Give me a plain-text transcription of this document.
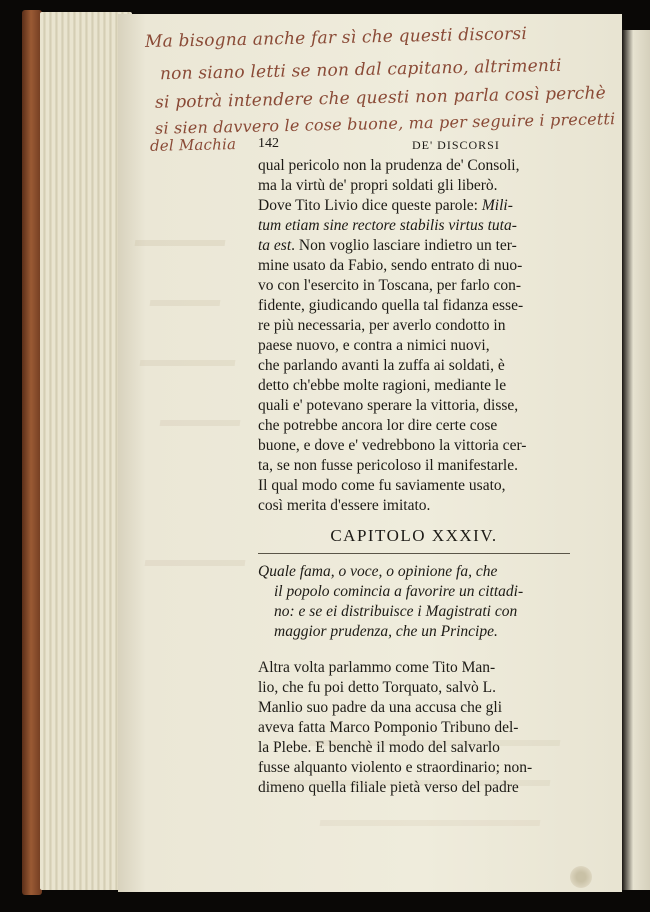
Ma bisogna anche far sì che questi discorsi
non siano letti se non dal capitano, altrimenti
si potrà intendere che questi non parla così perchè
si sien davvero le cose buone, ma per seguire i precetti
del Machia 142	DE' DISCORSI
qual pericolo non la prudenza de' Consoli,
ma la virtù de' propri soldati gli liberò.
Dove Tito Livio dice queste parole: Mili-
tum etiam sine rectore stabilis virtus tuta-
ta est. Non voglio lasciare indietro un ter-
mine usato da Fabio, sendo entrato di nuo-
vo con l'esercito in Toscana, per farlo con-
fidente, giudicando quella tal fidanza esse-
re più necessaria, per averlo condotto in
paese nuovo, e contra a nimici nuovi,
che parlando avanti la zuffa ai soldati, è
detto ch'ebbe molte ragioni, mediante le
quali e' potevano sperare la vittoria, disse,
che potrebbe ancora lor dire certe cose
buone, e dove e' vedrebbono la vittoria cer-
ta, se non fusse pericoloso il manifestarle.
Il qual modo come fu saviamente usato,
così merita d'essere imitato.
CAPITOLO XXXIV.
Quale fama, o voce, o opinione fa, che
il popolo comincia a favorire un cittadi-
no: e se ei distribuisce i Magistrati con
maggior prudenza, che un Principe.
Altra volta parlammo come Tito Man-
lio, che fu poi detto Torquato, salvò L.
Manlio suo padre da una accusa che gli
aveva fatta Marco Pomponio Tribuno del-
la Plebe. E benchè il modo del salvarlo
fusse alquanto violento e straordinario; non-
dimeno quella filiale pietà verso del padre
